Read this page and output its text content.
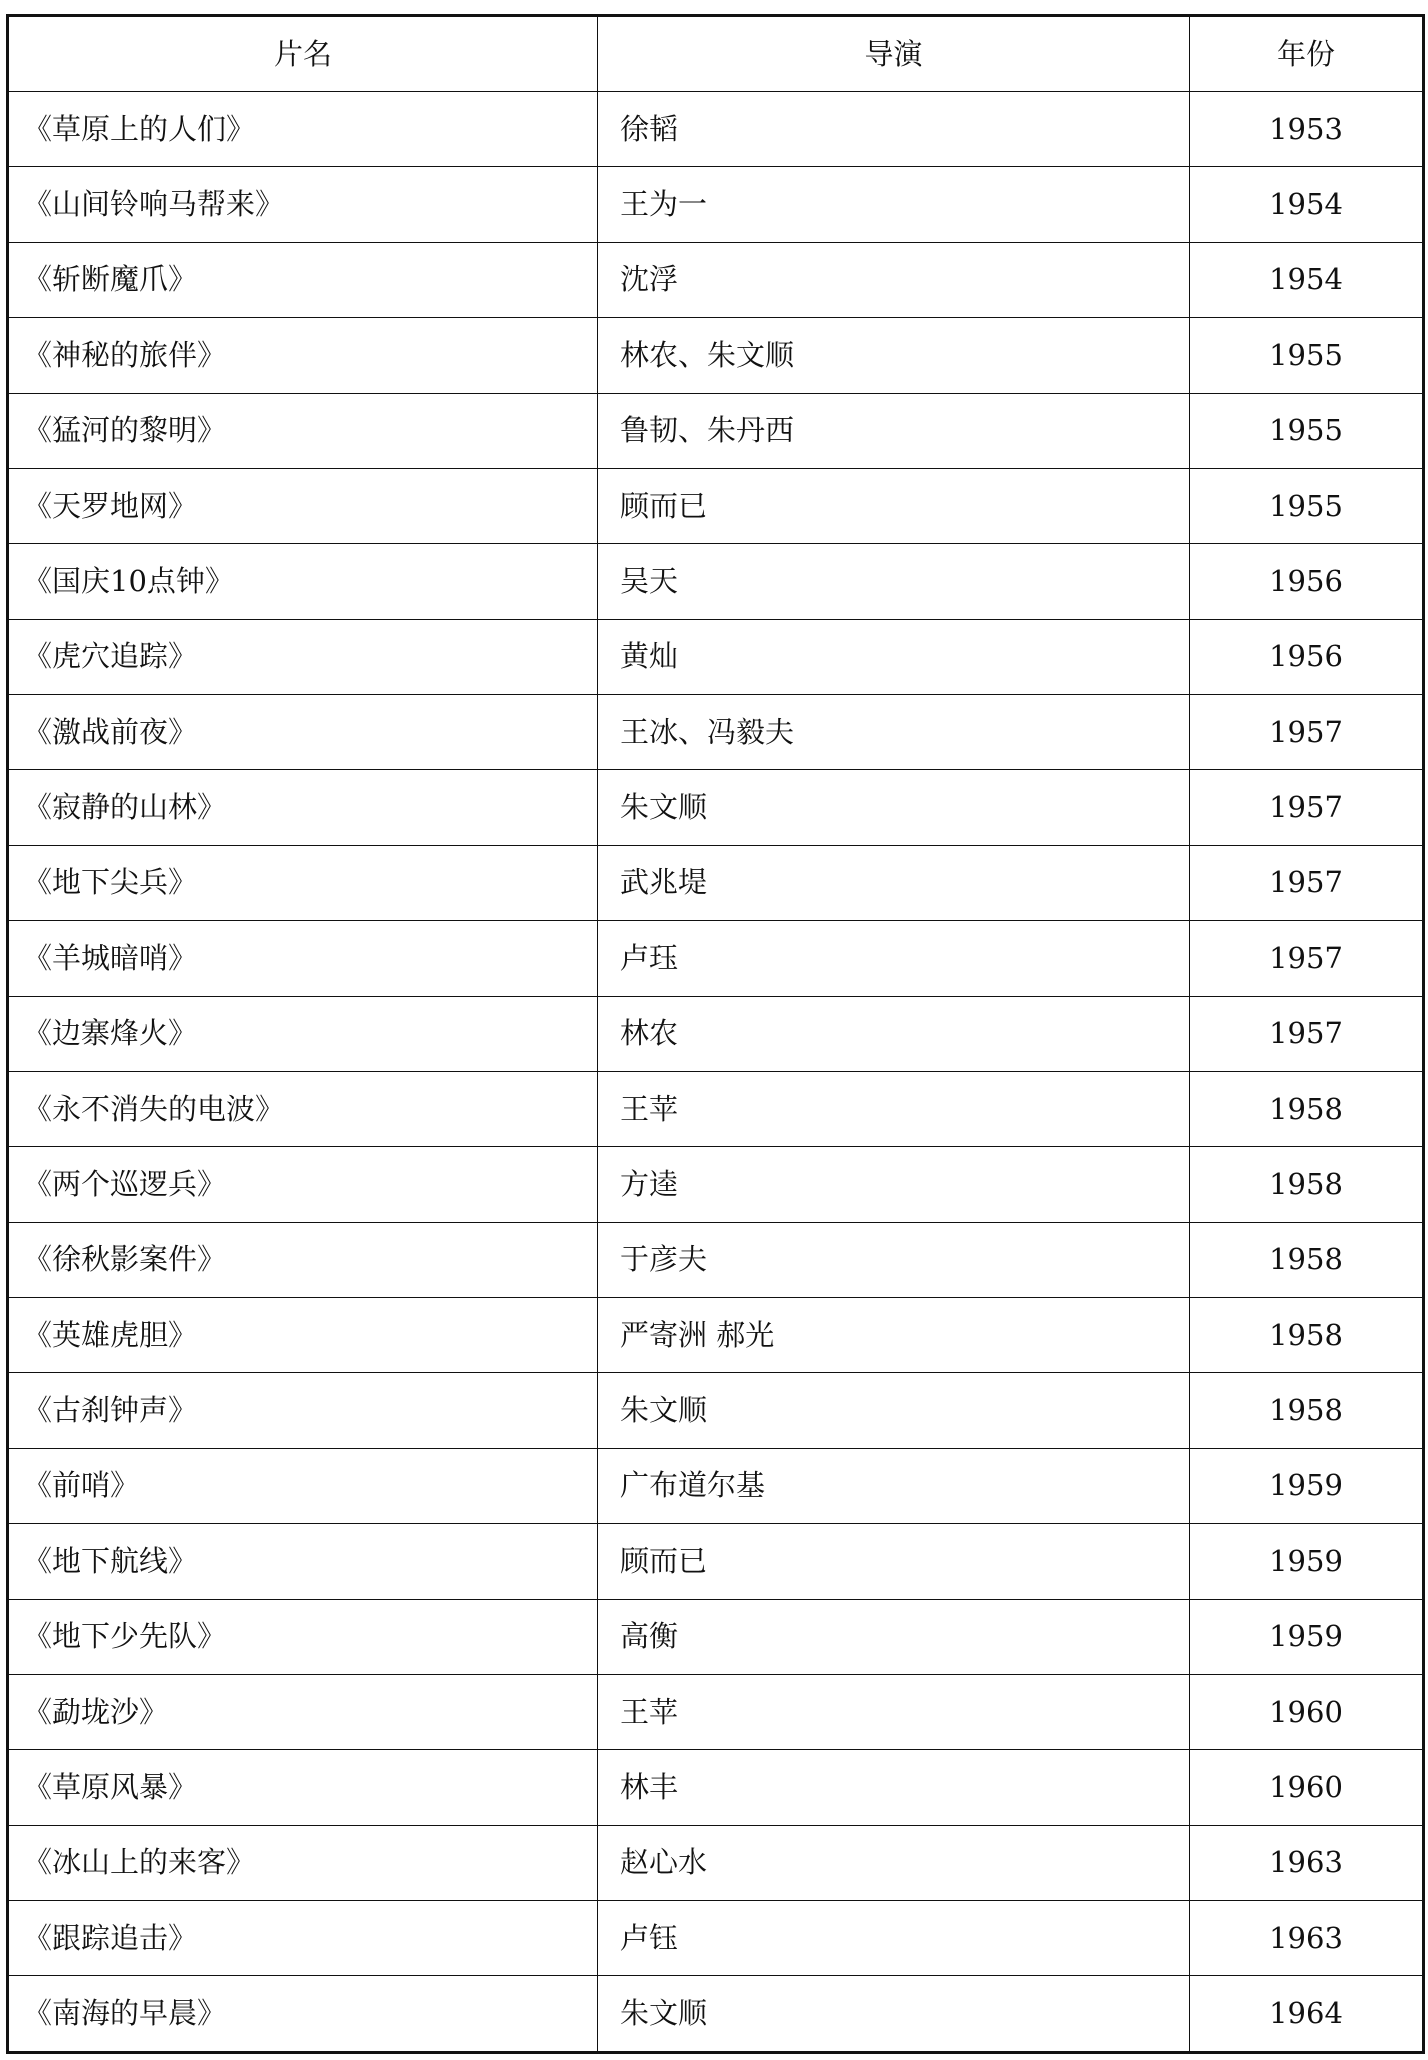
片名	导演	年份
《草原上的人们》	徐韬	1953
《山间铃响马帮来》	王为一	1954
《斩断魔爪》	沈浮	1954
《神秘的旅伴》	林农、朱文顺	1955
《猛河的黎明》	鲁韧、朱丹西	1955
《天罗地网》	顾而已	1955
《国庆10点钟》	吴天	1956
《虎穴追踪》	黄灿	1956
《激战前夜》	王冰、冯毅夫	1957
《寂静的山林》	朱文顺	1957
《地下尖兵》	武兆堤	1957
《羊城暗哨》	卢珏	1957
《边寨烽火》	林农	1957
《永不消失的电波》	王苹	1958
《两个巡逻兵》	方逵	1958
《徐秋影案件》	于彦夫	1958
《英雄虎胆》	严寄洲 郝光	1958
《古刹钟声》	朱文顺	1958
《前哨》	广布道尔基	1959
《地下航线》	顾而已	1959
《地下少先队》	高衡	1959
《勐垅沙》	王苹	1960
《草原风暴》	林丰	1960
《冰山上的来客》	赵心水	1963
《跟踪追击》	卢钰	1963
《南海的早晨》	朱文顺	1964
